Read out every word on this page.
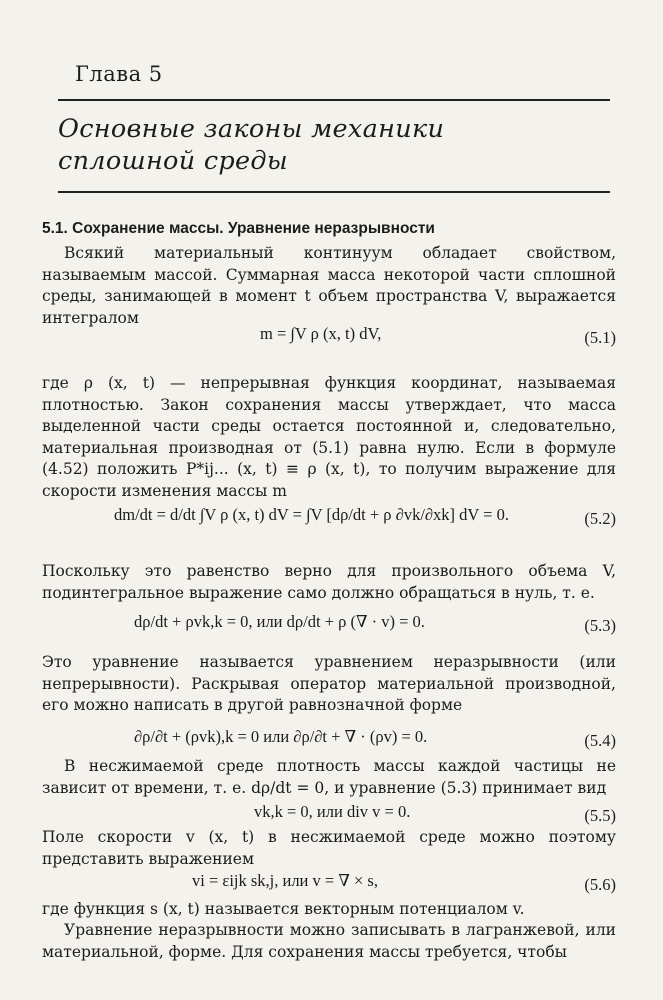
Глава 5
Основные законы механики
сплошной среды
5.1. Сохранение массы. Уравнение неразрывности
Всякий материальный континуум обладает свойством, называемым массой. Суммарная масса некоторой части сплошной среды, занимающей в момент t объем пространства V, выражается интегралом
m = ∫V ρ (x, t) dV,	(5.1)
где ρ (x, t) — непрерывная функция координат, называемая плотностью. Закон сохранения массы утверждает, что масса выделенной части среды остается постоянной и, следовательно, материальная производная от (5.1) равна нулю. Если в формуле (4.52) положить P*ij... (x, t) ≡ ρ (x, t), то получим выражение для скорости изменения массы m
dm/dt = d/dt ∫V ρ (x, t) dV = ∫V [dρ/dt + ρ ∂vk/∂xk] dV = 0.	(5.2)
Поскольку это равенство верно для произвольного объема V, подинтегральное выражение само должно обращаться в нуль, т. е.
dρ/dt + ρvk,k = 0, или dρ/dt + ρ (∇ · v) = 0.	(5.3)
Это уравнение называется уравнением неразрывности (или непрерывности). Раскрывая оператор материальной производной, его можно написать в другой равнозначной форме
∂ρ/∂t + (ρvk),k = 0 или ∂ρ/∂t + ∇ · (ρv) = 0.	(5.4)
В несжимаемой среде плотность массы каждой частицы не зависит от времени, т. е. dρ/dt = 0, и уравнение (5.3) принимает вид
vk,k = 0, или div v = 0.	(5.5)
Поле скорости v (x, t) в несжимаемой среде можно поэтому представить выражением
vi = εijk sk,j, или v = ∇ × s,	(5.6)
где функция s (x, t) называется векторным потенциалом v.
Уравнение неразрывности можно записывать в лагранжевой, или материальной, форме. Для сохранения массы требуется, чтобы
